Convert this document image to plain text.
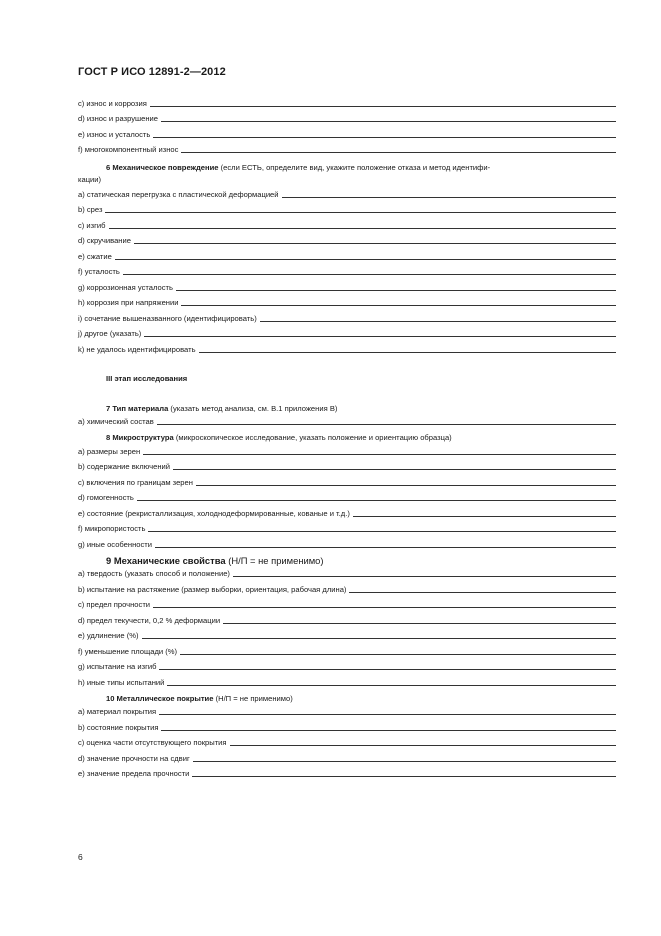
ГОСТ Р ИСО 12891-2—2012
c) износ и коррозия
d) износ и разрушение
e) износ и усталость
f) многокомпонентный износ
6 Механическое повреждение (если ЕСТЬ, определите вид, укажите положение отказа и метод идентифи-
кации)
a) статическая перегрузка с пластической деформацией
b) срез
c) изгиб
d) скручивание
e) сжатие
f) усталость
g) коррозионная усталость
h) коррозия при напряжении
i) сочетание вышеназванного (идентифицировать)
j) другое (указать)
k) не удалось идентифицировать
III этап исследования
7 Тип материала (указать метод анализа, см. В.1 приложения В)
a) химический состав
8 Микроструктура (микроскопическое исследование, указать положение и ориентацию образца)
a) размеры зерен
b) содержание включений
c) включения по границам зерен
d) гомогенность
e) состояние (рекристаллизация, холоднодеформированные, кованые и т.д.)
f) микропористость
g) иные особенности
9 Механические свойства (Н/П = не применимо)
a) твердость (указать способ и положение)
b) испытание на растяжение (размер выборки, ориентация, рабочая длина)
c) предел прочности
d) предел текучести, 0,2 % деформации
e) удлинение (%)
f) уменьшение площади (%)
g) испытание на изгиб
h) иные типы испытаний
10 Металлическое покрытие (Н/П = не применимо)
a) материал покрытия
b) состояние покрытия
c) оценка части отсутствующего покрытия
d) значение прочности на сдвиг
e) значение предела прочности
6
